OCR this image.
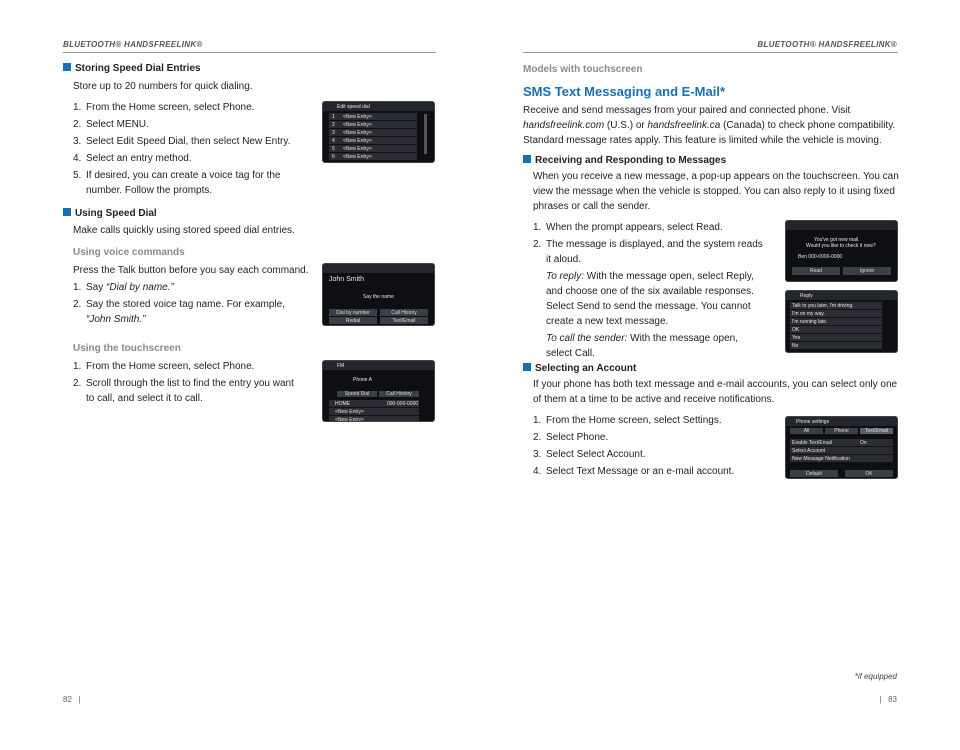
BLUETOOTH® HANDSFREELINK®
Storing Speed Dial Entries
Store up to 20 numbers for quick dialing.
1. From the Home screen, select Phone.
2. Select MENU.
3. Select Edit Speed Dial, then select New Entry.
4. Select an entry method.
5. If desired, you can create a voice tag for the
number. Follow the prompts.
Using Speed Dial
Make calls quickly using stored speed dial entries.
Using voice commands
Press the Talk button before you say each command.
1. Say “Dial by name.”
2. Say the stored voice tag name. For example,
“John Smith.”
Using the touchscreen
1. From the Home screen, select Phone.
2. Scroll through the list to find the entry you want
to call, and select it to call.
Edit speed dial
1 <New Entry>
2 <New Entry>
3 <New Entry>
4 <New Entry>
5 <New Entry>
6 <New Entry>
John Smith
Say the name
Dial by number	Call History
Redial	Text/Email
FM
Phone A
Speed Dial	Call History
HOME	000-000-0000
<New Entry>
<New Entry>
82   |
BLUETOOTH® HANDSFREELINK®
Models with touchscreen
SMS Text Messaging and E-Mail*
Receive and send messages from your paired and connected phone. Visit
handsfreelink.com (U.S.) or handsfreelink.ca (Canada) to check phone compatibility.
Standard message rates apply. This feature is limited while the vehicle is moving.
Receiving and Responding to Messages
When you receive a new message, a pop-up appears on the touchscreen. You can
view the message when the vehicle is stopped. You can also reply to it using fixed
phrases or call the sender.
1. When the prompt appears, select Read.
2. The message is displayed, and the system reads
it aloud.
To reply: With the message open, select Reply,
and choose one of the six available responses.
Select Send to send the message. You cannot
create a new text message.
To call the sender: With the message open,
select Call.
Selecting an Account
If your phone has both text message and e-mail accounts, you can select only one
of them at a time to be active and receive notifications.
1. From the Home screen, select Settings.
2. Select Phone.
3. Select Select Account.
4. Select Text Message or an e-mail account.
You've got new mail.
Would you like to check it now?
Ben 000-0000-0000
Read	Ignore
Reply
Talk to you later, I'm driving.
I'm on my way.
I'm running late.
OK
Yes
No
Phone settings
All	Phone	Text/Email
Enable Text/Email	On
Select Account
New Message Notification
Default	OK
*if equipped
|   83
